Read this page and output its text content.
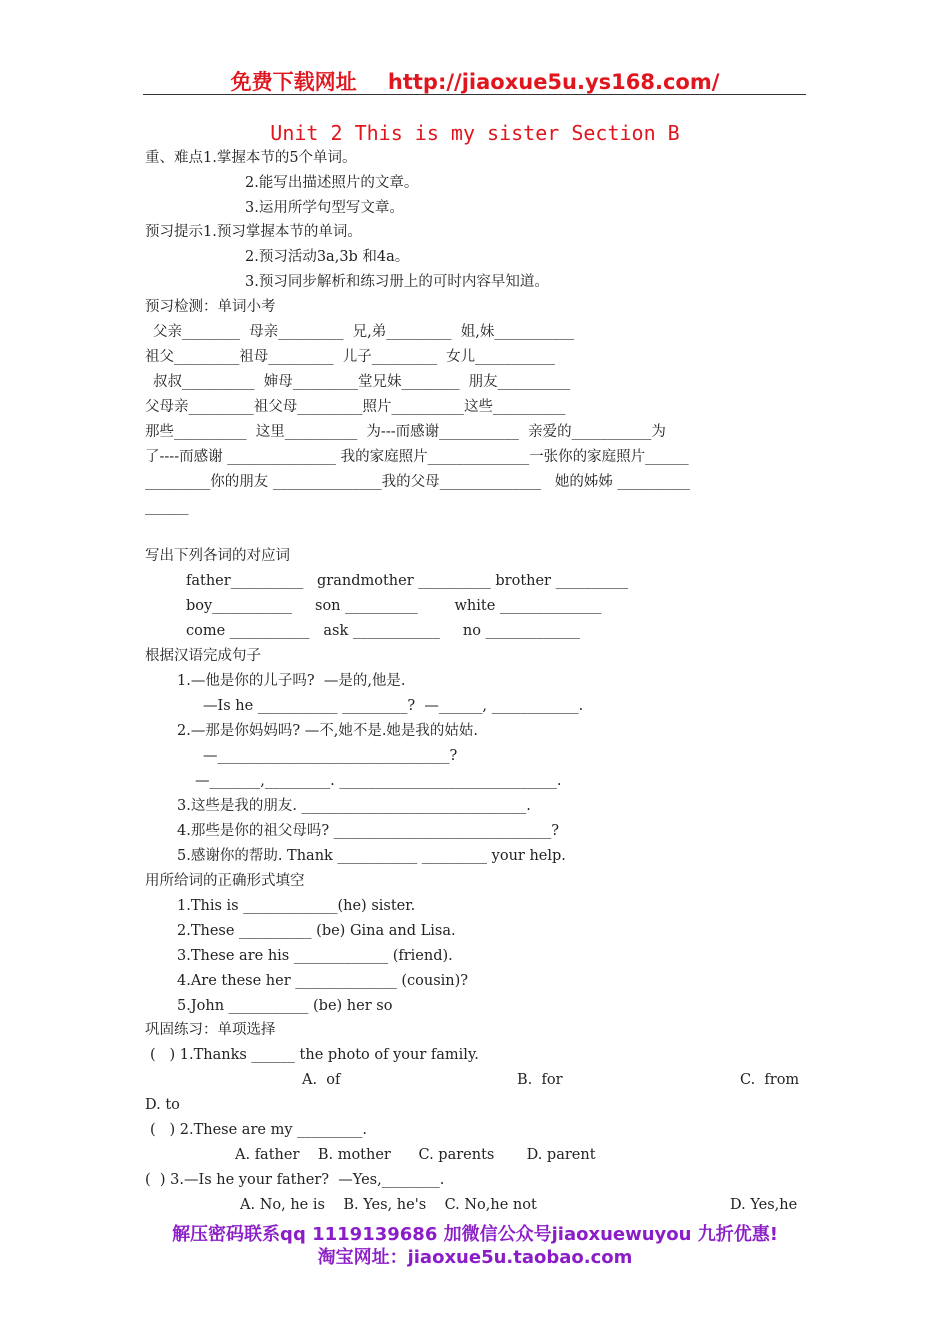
免费下载网址 http://jiaoxue5u.ys168.com/
Unit 2 This is my sister Section B
重、难点1.掌握本节的5个单词。
2.能写出描述照片的文章。
3.运用所学句型写文章。
预习提示1.预习掌握本节的单词。
2.预习活动3a,3b 和4a。
3.预习同步解析和练习册上的可时内容早知道。
预习检测：单词小考
父亲________  母亲_________  兄,弟_________  姐,妹___________
祖父_________祖母_________  儿子_________  女儿___________
叔叔__________  婶母_________堂兄妹________  朋友__________
父母亲_________祖父母_________照片__________这些__________
那些__________  这里__________  为---而感谢___________  亲爱的___________为
了----而感谢 _______________ 我的家庭照片______________一张你的家庭照片______
_________你的朋友 _______________我的父母______________   她的姊姊 __________
______
写出下列各词的对应词
father__________   grandmother __________ brother __________
boy___________     son __________        white ______________
come ___________   ask ____________     no _____________
根据汉语完成句子
1.—他是你的儿子吗?  —是的,他是.
—Is he ___________ _________?  —______, ____________.
2.—那是你妈妈吗? —不,她不是.她是我的姑姑.
—________________________________?
—_______,_________. ______________________________.
3.这些是我的朋友. _______________________________.
4.那些是你的祖父母吗? ______________________________?
5.感谢你的帮助. Thank ___________ _________ your help.
用所给词的正确形式填空
1.This is _____________(he) sister.
2.These __________ (be) Gina and Lisa.
3.These are his _____________ (friend).
4.Are these her ______________ (cousin)?
5.John ___________ (be) her so
巩固练习：单项选择
(   ) 1.Thanks ______ the photo of your family.
A.  of	B.  for	C.  from
D. to
(   ) 2.These are my _________.
A. father    B. mother      C. parents       D. parent
(  ) 3.—Is he your father?  —Yes,________.
A. No, he is    B. Yes, he's    C. No,he not	D. Yes,he
解压密码联系qq 1119139686 加微信公众号jiaoxuewuyou 九折优惠!
淘宝网址：jiaoxue5u.taobao.com
